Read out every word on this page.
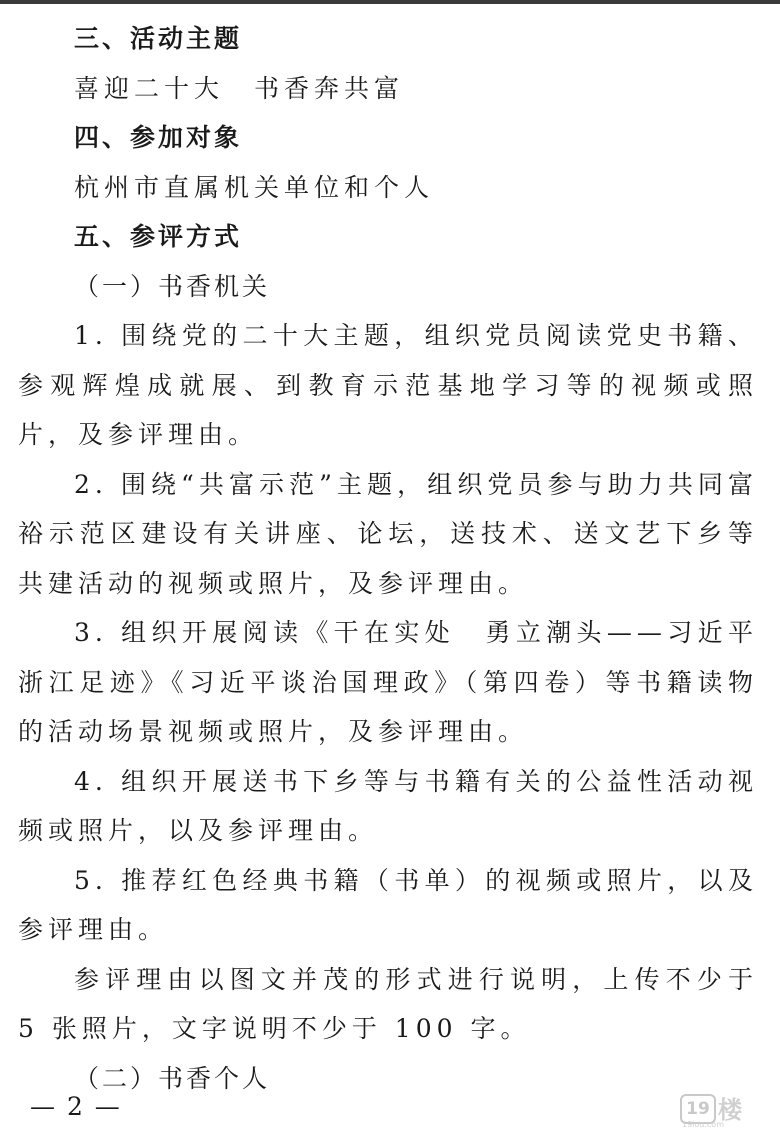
三、活动主题
喜迎二十大　书香奔共富
四、参加对象
杭州市直属机关单位和个人
五、参评方式
（一）书香机关
1. 围绕党的二十大主题，组织党员阅读党史书籍、参观辉煌成就展、到教育示范基地学习等的视频或照片，及参评理由。
2. 围绕“共富示范”主题，组织党员参与助力共同富裕示范区建设有关讲座、论坛，送技术、送文艺下乡等共建活动的视频或照片，及参评理由。
3. 组织开展阅读《干在实处　勇立潮头——习近平浙江足迹》《习近平谈治国理政》（第四卷）等书籍读物的活动场景视频或照片，及参评理由。
4. 组织开展送书下乡等与书籍有关的公益性活动视频或照片，以及参评理由。
5. 推荐红色经典书籍（书单）的视频或照片，以及参评理由。
参评理由以图文并茂的形式进行说明，上传不少于 5 张照片，文字说明不少于 100 字。
（二）书香个人
— 2 —	19 楼
19lou.com
